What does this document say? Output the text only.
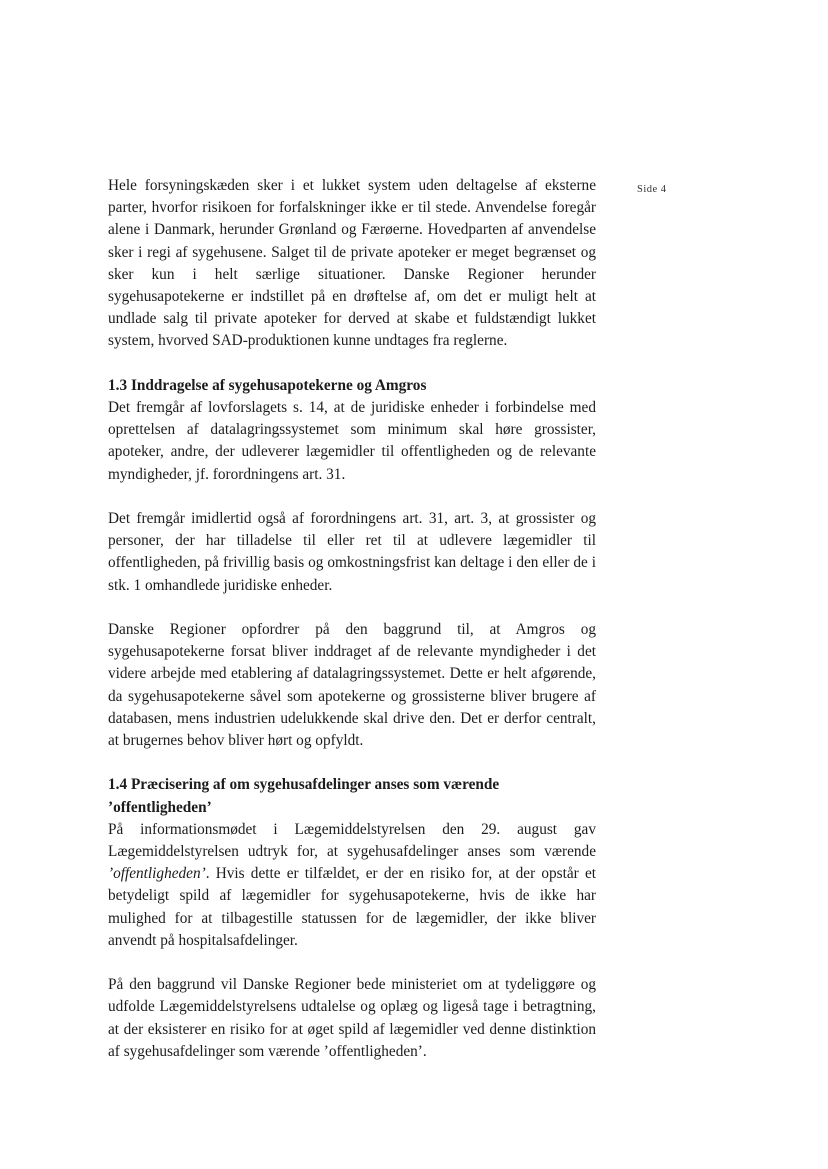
Side 4

Hele forsyningskæden sker i et lukket system uden deltagelse af eksterne parter, hvorfor risikoen for forfalskninger ikke er til stede. Anvendelse foregår alene i Danmark, herunder Grønland og Færøerne. Hovedparten af anvendelse sker i regi af sygehusene. Salget til de private apoteker er meget begrænset og sker kun i helt særlige situationer. Danske Regioner herunder sygehusapotekerne er indstillet på en drøftelse af, om det er muligt helt at undlade salg til private apoteker for derved at skabe et fuldstændigt lukket system, hvorved SAD-produktionen kunne undtages fra reglerne.

1.3 Inddragelse af sygehusapotekerne og Amgros

Det fremgår af lovforslagets s. 14, at de juridiske enheder i forbindelse med oprettelsen af datalagringssystemet som minimum skal høre grossister, apoteker, andre, der udleverer lægemidler til offentligheden og de relevante myndigheder, jf. forordningens art. 31.

Det fremgår imidlertid også af forordningens art. 31, art. 3, at grossister og personer, der har tilladelse til eller ret til at udlevere lægemidler til offentligheden, på frivillig basis og omkostningsfrist kan deltage i den eller de i stk. 1 omhandlede juridiske enheder.

Danske Regioner opfordrer på den baggrund til, at Amgros og sygehusapotekerne forsat bliver inddraget af de relevante myndigheder i det videre arbejde med etablering af datalagringssystemet. Dette er helt afgørende, da sygehusapotekerne såvel som apotekerne og grossisterne bliver brugere af databasen, mens industrien udelukkende skal drive den. Det er derfor centralt, at brugernes behov bliver hørt og opfyldt.

1.4 Præcisering af om sygehusafdelinger anses som værende ’offentligheden’

På informationsmødet i Lægemiddelstyrelsen den 29. august gav Lægemiddelstyrelsen udtryk for, at sygehusafdelinger anses som værende ’offentligheden’. Hvis dette er tilfældet, er der en risiko for, at der opstår et betydeligt spild af lægemidler for sygehusapotekerne, hvis de ikke har mulighed for at tilbagestille statussen for de lægemidler, der ikke bliver anvendt på hospitalsafdelinger.

På den baggrund vil Danske Regioner bede ministeriet om at tydeliggøre og udfolde Lægemiddelstyrelsens udtalelse og oplæg og ligeså tage i betragtning, at der eksisterer en risiko for at øget spild af lægemidler ved denne distinktion af sygehusafdelinger som værende ’offentligheden’.
